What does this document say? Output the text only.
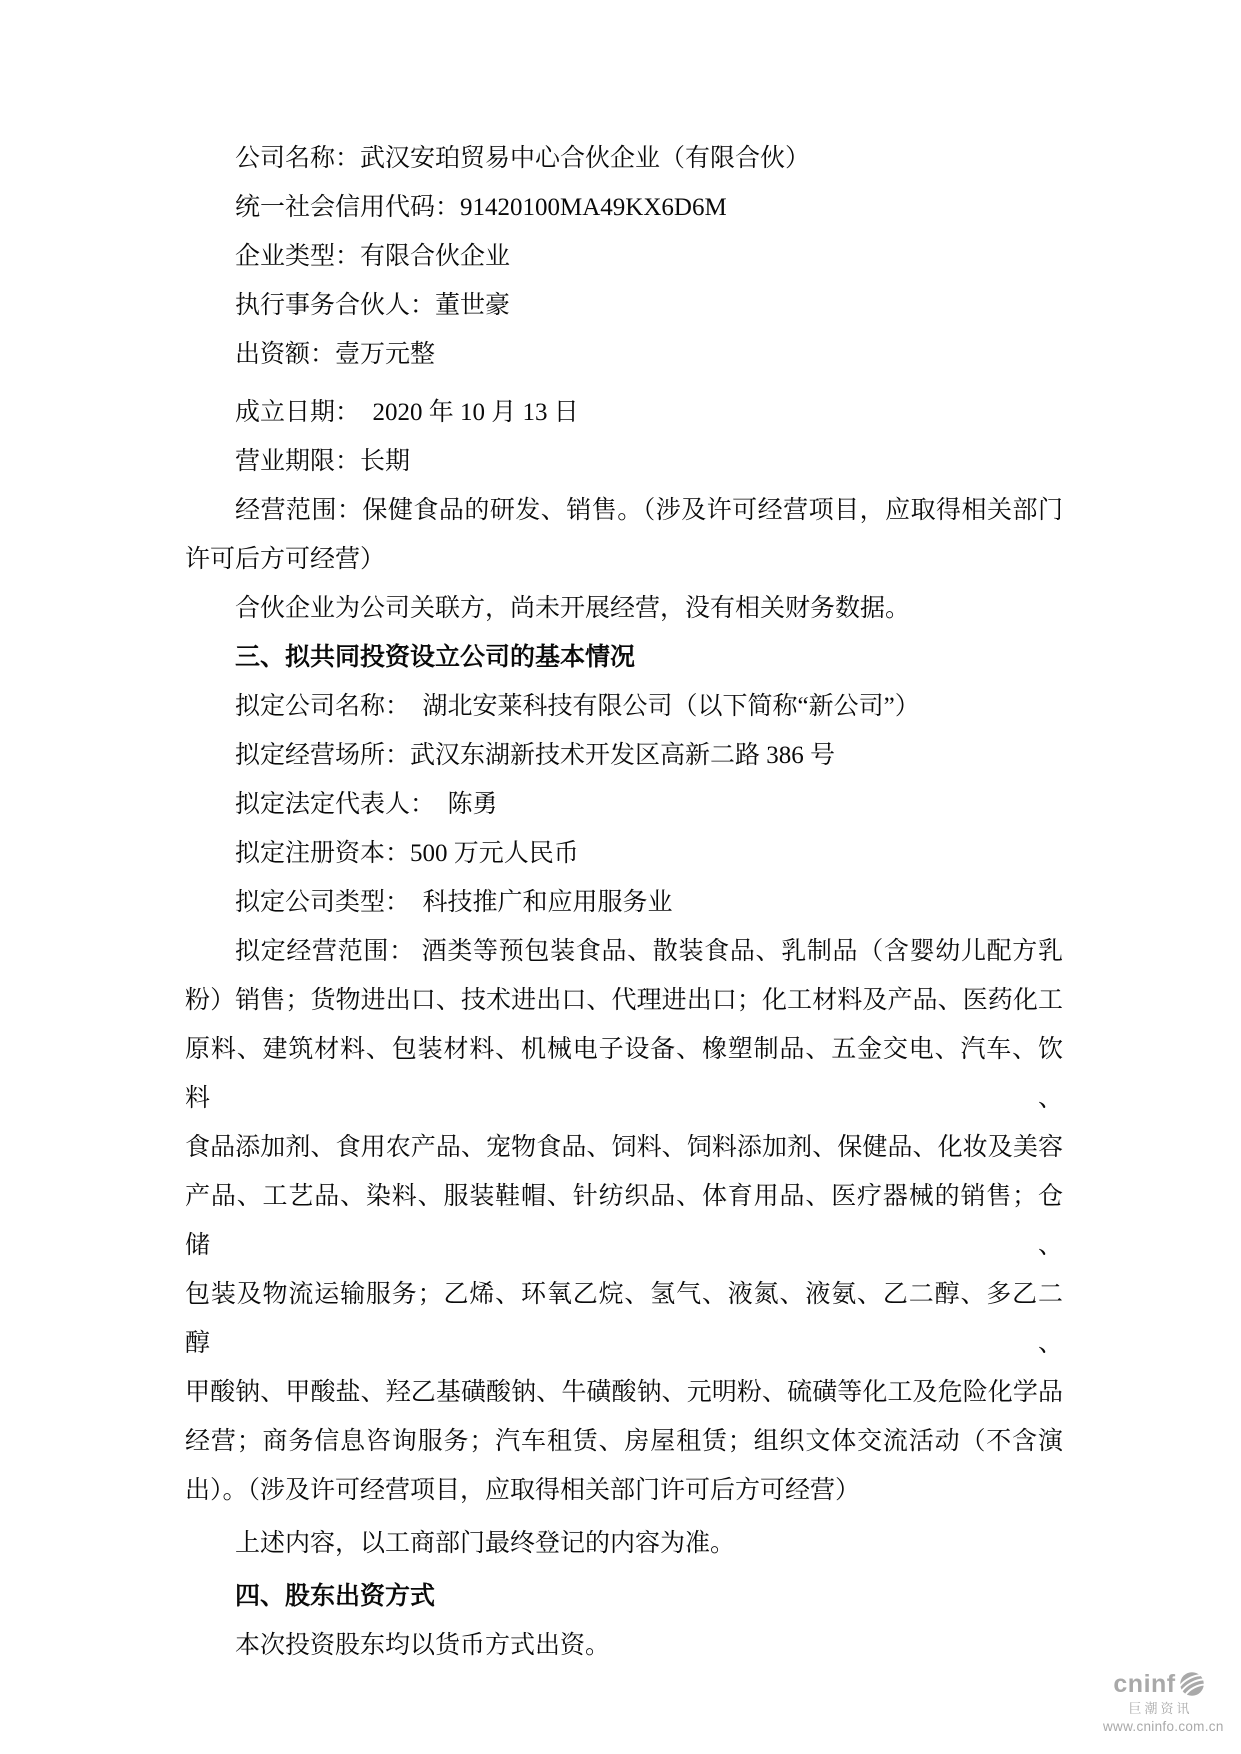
公司名称：武汉安珀贸易中心合伙企业（有限合伙）
统一社会信用代码：91420100MA49KX6D6M
企业类型：有限合伙企业
执行事务合伙人：董世豪
出资额：壹万元整
成立日期：  2020 年 10 月 13 日
营业期限：长期
经营范围：保健食品的研发、销售。（涉及许可经营项目，应取得相关部门
许可后方可经营）
合伙企业为公司关联方，尚未开展经营，没有相关财务数据。
三、拟共同投资设立公司的基本情况
拟定公司名称：  湖北安莱科技有限公司（以下简称“新公司”）
拟定经营场所：武汉东湖新技术开发区高新二路 386 号
拟定法定代表人：  陈勇
拟定注册资本：500 万元人民币
拟定公司类型：  科技推广和应用服务业
拟定经营范围： 酒类等预包装食品、散装食品、乳制品（含婴幼儿配方乳
粉）销售；货物进出口、技术进出口、代理进出口；化工材料及产品、医药化工
原料、建筑材料、包装材料、机械电子设备、橡塑制品、五金交电、汽车、饮料、
食品添加剂、食用农产品、宠物食品、饲料、饲料添加剂、保健品、化妆及美容
产品、工艺品、染料、服装鞋帽、针纺织品、体育用品、医疗器械的销售；仓储、
包装及物流运输服务；乙烯、环氧乙烷、氢气、液氮、液氨、乙二醇、多乙二醇、
甲酸钠、甲酸盐、羟乙基磺酸钠、牛磺酸钠、元明粉、硫磺等化工及危险化学品
经营；商务信息咨询服务；汽车租赁、房屋租赁；组织文体交流活动（不含演
出）。（涉及许可经营项目，应取得相关部门许可后方可经营）
上述内容，以工商部门最终登记的内容为准。
四、股东出资方式
本次投资股东均以货币方式出资。
cninf
巨潮资讯
www.cninfo.com.cn
